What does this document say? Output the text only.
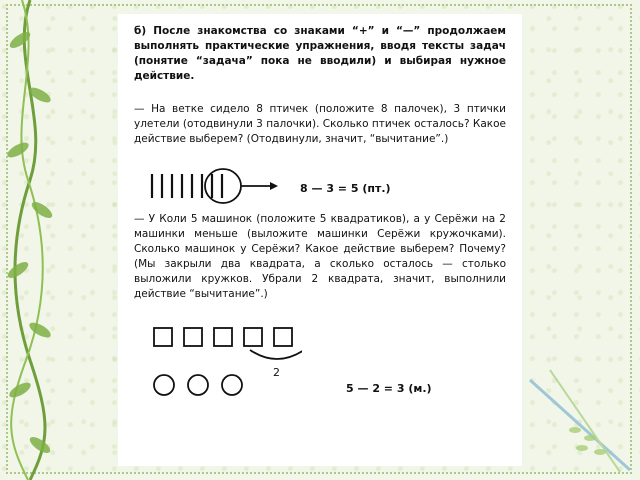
б) После знакомства со знаками “+” и “—” продолжаем выполнять практические упражнения, вводя тексты задач (понятие “задача” пока не вводили) и выбирая нужное действие.
— На ветке сидело 8 птичек (положите 8 палочек), 3 птички улетели (отодвинули 3 палочки). Сколько птичек осталось? Какое действие выберем? (Отодвинули, значит, “вычитание”.)
8 — 3 = 5 (пт.)
— У Коли 5 машинок (положите 5 квадратиков), а у Серёжи на 2 машинки меньше (выложите машинки Серёжи кружочками). Сколько машинок у Серёжи? Какое действие выберем? Почему? (Мы закрыли два квадрата, а сколько осталось — столько выложили кружков. Убрали 2 квадрата, значит, выполнили действие “вычитание”.)
2
5 — 2 = 3 (м.)
